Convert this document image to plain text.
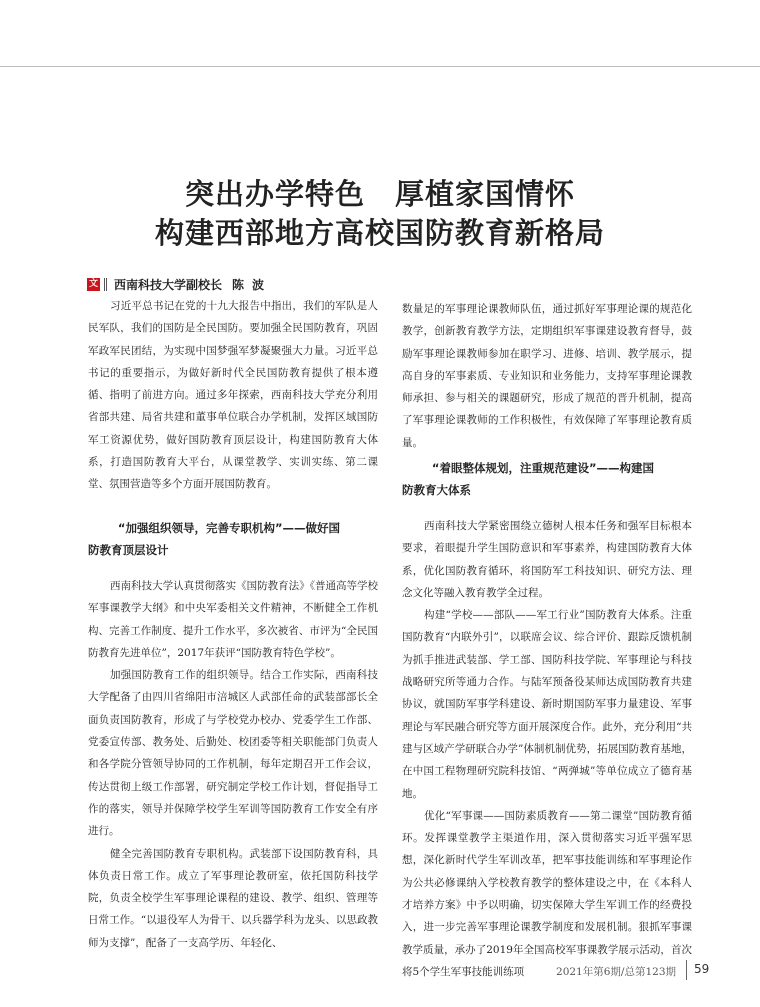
突出办学特色　厚植家国情怀
构建西部地方高校国防教育新格局
文 西南科技大学副校长 陈波

习近平总书记在党的十九大报告中指出，我们的军队是人民军队，我们的国防是全民国防。要加强全民国防教育，巩固军政军民团结，为实现中国梦强军梦凝聚强大力量。习近平总书记的重要指示，为做好新时代全民国防教育提供了根本遵循、指明了前进方向。通过多年探索，西南科技大学充分利用省部共建、局省共建和董事单位联合办学机制，发挥区域国防军工资源优势，做好国防教育顶层设计，构建国防教育大体系，打造国防教育大平台，从课堂教学、实训实练、第二课堂、氛围营造等多个方面开展国防教育。

“加强组织领导，完善专职机构”——做好国
防教育顶层设计

西南科技大学认真贯彻落实《国防教育法》《普通高等学校军事课教学大纲》和中央军委相关文件精神，不断健全工作机构、完善工作制度、提升工作水平，多次被省、市评为“全民国防教育先进单位”，2017年获评“国防教育特色学校”。

加强国防教育工作的组织领导。结合工作实际，西南科技大学配备了由四川省绵阳市涪城区人武部任命的武装部部长全面负责国防教育，形成了与学校党办校办、党委学生工作部、党委宣传部、教务处、后勤处、校团委等相关职能部门负责人和各学院分管领导协同的工作机制，每年定期召开工作会议，传达贯彻上级工作部署，研究制定学校工作计划，督促指导工作的落实，领导并保障学校学生军训等国防教育工作安全有序进行。

健全完善国防教育专职机构。武装部下设国防教育科，具体负责日常工作。成立了军事理论教研室，依托国防科技学院，负责全校学生军事理论课程的建设、教学、组织、管理等日常工作。“以退役军人为骨干、以兵器学科为龙头、以思政教师为支撑”，配备了一支高学历、年轻化、

数量足的军事理论课教师队伍，通过抓好军事理论课的规范化教学，创新教育教学方法，定期组织军事课建设教育督导，鼓励军事理论课教师参加在职学习、进修、培训、教学展示，提高自身的军事素质、专业知识和业务能力，支持军事理论课教师承担、参与相关的课题研究，形成了规范的晋升机制，提高了军事理论课教师的工作积极性，有效保障了军事理论教育质量。

“着眼整体规划，注重规范建设”——构建国
防教育大体系

西南科技大学紧密围绕立德树人根本任务和强军目标根本要求，着眼提升学生国防意识和军事素养，构建国防教育大体系，优化国防教育循环，将国防军工科技知识、研究方法、理念文化等融入教育教学全过程。

构建“学校——部队——军工行业”国防教育大体系。注重国防教育“内联外引”，以联席会议、综合评价、跟踪反馈机制为抓手推进武装部、学工部、国防科技学院、军事理论与科技战略研究所等通力合作。与陆军预备役某师达成国防教育共建协议，就国防军事学科建设、新时期国防军事力量建设、军事理论与军民融合研究等方面开展深度合作。此外，充分利用“共建与区域产学研联合办学”体制机制优势，拓展国防教育基地，在中国工程物理研究院科技馆、“两弹城”等单位成立了德育基地。

优化“军事课——国防素质教育——第二课堂”国防教育循环。发挥课堂教学主渠道作用，深入贯彻落实习近平强军思想，深化新时代学生军训改革，把军事技能训练和军事理论作为公共必修课纳入学校教育教学的整体建设之中，在《本科人才培养方案》中予以明确，切实保障大学生军训工作的经费投入，进一步完善军事理论课教学制度和发展机制。狠抓军事课教学质量，承办了2019年全国高校军事课教学展示活动，首次将5个学生军事技能训练项	2021年第6期/总第123期 59
